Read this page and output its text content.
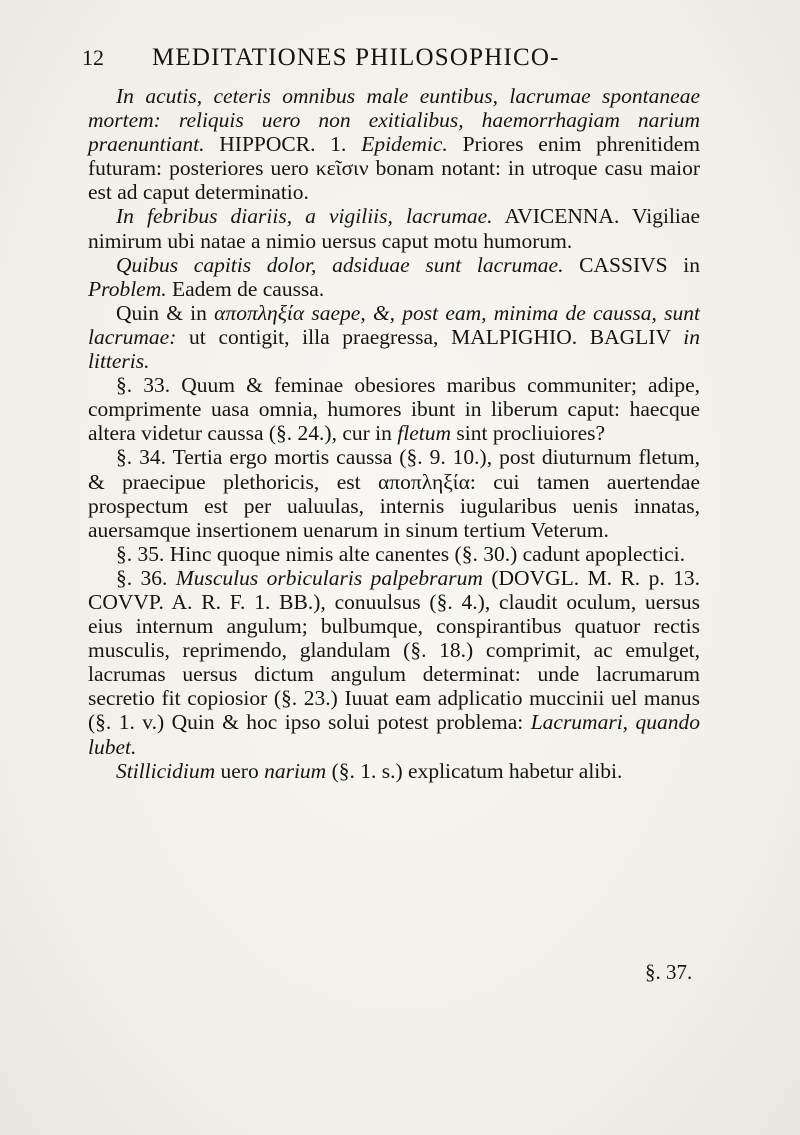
12 MEDITATIONES PHILOSOPHICO-

In acutis, ceteris omnibus male euntibus, lacrumae spontaneae mortem: reliquis uero non exitialibus, haemorrhagiam narium praenuntiant. HIPPOCR. 1. Epidemic. Priores enim phrenitidem futuram: posteriores uero κεῖσιν bonam notant: in utroque casu maior est ad caput determinatio.

In febribus diariis, a vigiliis, lacrumae. AVICENNA. Vigiliae nimirum ubi natae a nimio uersus caput motu humorum.

Quibus capitis dolor, adsiduae sunt lacrumae. CASSIVS in Problem. Eadem de caussa.

Quin & in αποπληξία saepe, &, post eam, minima de caussa, sunt lacrumae: ut contigit, illa praegressa, MALPIGHIO. BAGLIV in litteris.

§. 33. Quum & feminae obesiores maribus communiter; adipe, comprimente uasa omnia, humores ibunt in liberum caput: haecque altera videtur caussa (§. 24.), cur in fletum sint procliuiores?

§. 34. Tertia ergo mortis caussa (§. 9. 10.), post diuturnum fletum, & praecipue plethoricis, est αποπληξία: cui tamen auertendae prospectum est per ualuulas, internis iugularibus uenis innatas, auersamque insertionem uenarum in sinum tertium Veterum.

§. 35. Hinc quoque nimis alte canentes (§. 30.) cadunt apoplectici.

§. 36. Musculus orbicularis palpebrarum (DOVGL. M. R. p. 13. COVVP. A. R. F. 1. BB.), conuulsus (§. 4.), claudit oculum, uersus eius internum angulum; bulbumque, conspirantibus quatuor rectis musculis, reprimendo, glandulam (§. 18.) comprimit, ac emulget, lacrumas uersus dictum angulum determinat: unde lacrumarum secretio fit copiosior (§. 23.) Iuuat eam adplicatio muccinii uel manus (§. 1. v.) Quin & hoc ipso solui potest problema: Lacrumari, quando lubet.

Stillicidium uero narium (§. 1. s.) explicatum habetur alibi.

§. 37.
